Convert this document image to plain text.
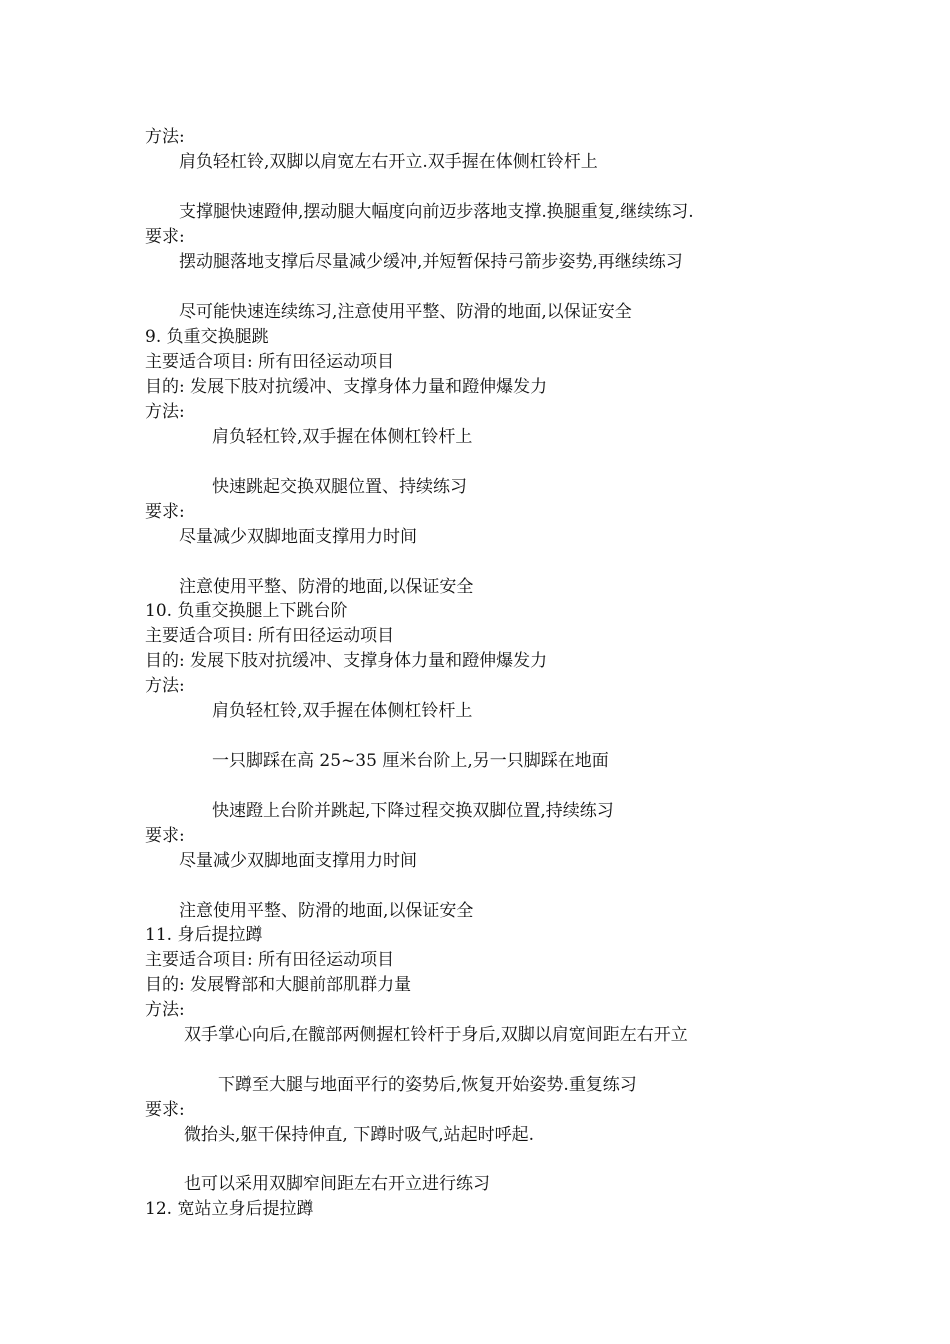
方法:
肩负轻杠铃,双脚以肩宽左右开立.双手握在体侧杠铃杆上
支撑腿快速蹬伸,摆动腿大幅度向前迈步落地支撑.换腿重复,继续练习.
要求:
摆动腿落地支撑后尽量减少缓冲,并短暂保持弓箭步姿势,再继续练习
尽可能快速连续练习,注意使用平整、防滑的地面,以保证安全
9. 负重交换腿跳
主要适合项目: 所有田径运动项目
目的: 发展下肢对抗缓冲、支撑身体力量和蹬伸爆发力
方法:
肩负轻杠铃,双手握在体侧杠铃杆上
快速跳起交换双腿位置、持续练习
要求:
尽量减少双脚地面支撑用力时间
注意使用平整、防滑的地面,以保证安全
10. 负重交换腿上下跳台阶
主要适合项目: 所有田径运动项目
目的: 发展下肢对抗缓冲、支撑身体力量和蹬伸爆发力
方法:
肩负轻杠铃,双手握在体侧杠铃杆上
一只脚踩在高 25~35 厘米台阶上,另一只脚踩在地面
快速蹬上台阶并跳起,下降过程交换双脚位置,持续练习
要求:
尽量减少双脚地面支撑用力时间
注意使用平整、防滑的地面,以保证安全
11. 身后提拉蹲
主要适合项目: 所有田径运动项目
目的: 发展臀部和大腿前部肌群力量
方法:
双手掌心向后,在髋部两侧握杠铃杆于身后,双脚以肩宽间距左右开立
下蹲至大腿与地面平行的姿势后,恢复开始姿势.重复练习
要求:
微抬头,躯干保持伸直, 下蹲时吸气,站起时呼起.
也可以采用双脚窄间距左右开立进行练习
12. 宽站立身后提拉蹲
